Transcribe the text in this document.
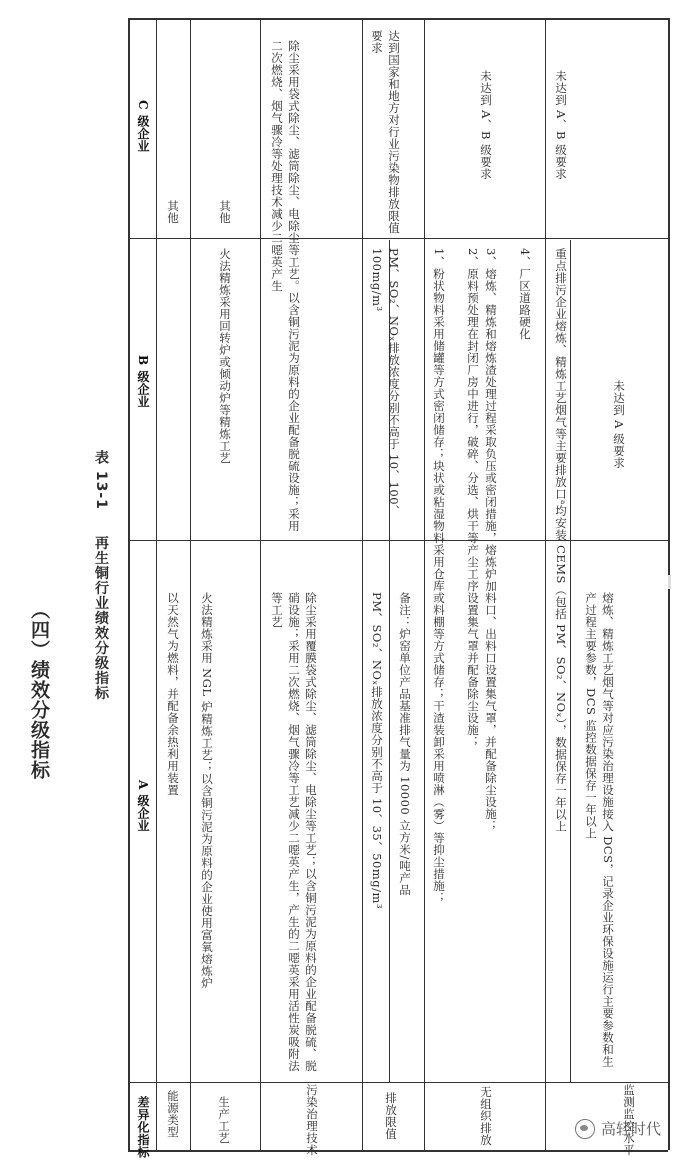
（四）绩效分级指标
表 13-1  再生铜行业绩效分级指标
差异化指标
A 级企业
B 级企业
C 级企业
能源类型
以天然气为燃料，并配备余热利用装置
其他
生产工艺
火法精炼采用 NGL 炉精炼工艺；以含铜污泥为原料的企业使用富氧熔炼炉
火法精炼采用回转炉或倾动炉等精炼工艺
其他
污染治理技术
除尘采用覆膜袋式除尘、滤筒除尘、电除尘等工艺；以含铜污泥为原料的企业配备脱硫、脱硝设施；采用二次燃烧、烟气骤冷等工艺减少二噁英产生，产生的二噁英采用活性炭吸附法等工艺
除尘采用袋式除尘、滤筒除尘、电除尘等工艺。以含铜污泥为原料的企业配备脱硫设施；采用二次燃烧、烟气骤冷等处理技术减少二噁英产生
排放限值
PM、SO₂、NOₓ排放浓度分别不高于 10、35、50mg/m³
PM、SO₂、NOₓ排放浓度分别不高于 10、100、100mg/m³
达到国家和地方对行业污染物排放限值要求
备注：炉窑单位产品基准排气量为 10000 立方米/吨产品
无组织排放
1、粉状物料采用储罐等方式密闭储存；块状或粘湿物料采用仓库或料棚等方式储存；干渣装卸采用喷淋（雾）等抑尘措施； 2、原料预处理在封闭厂房中进行，破碎、分选、烘干等产尘工序设置集气罩并配备除尘设施； 3、熔炼、精炼和熔炼渣处理过程采取负压或密闭措施，熔炼炉加料口、出料口设置集气罩，并配备除尘设施； 4、厂区道路硬化
未达到 A、B 级要求
监测监控水平
重点排污企业熔炼、精炼工艺烟气等主要排放口ᵃ均安装 CEMS（包括 PM、SO₂、NOₓ），数据保存一年以上	熔炼、精炼工艺烟气等对应污染治理设施接入 DCS，记录企业环保设施运行主要参数和生产过程主要参数，DCS 监控数据保存一年以上
未达到 A 级要求
未达到 A、B 级要求
高轻时代
